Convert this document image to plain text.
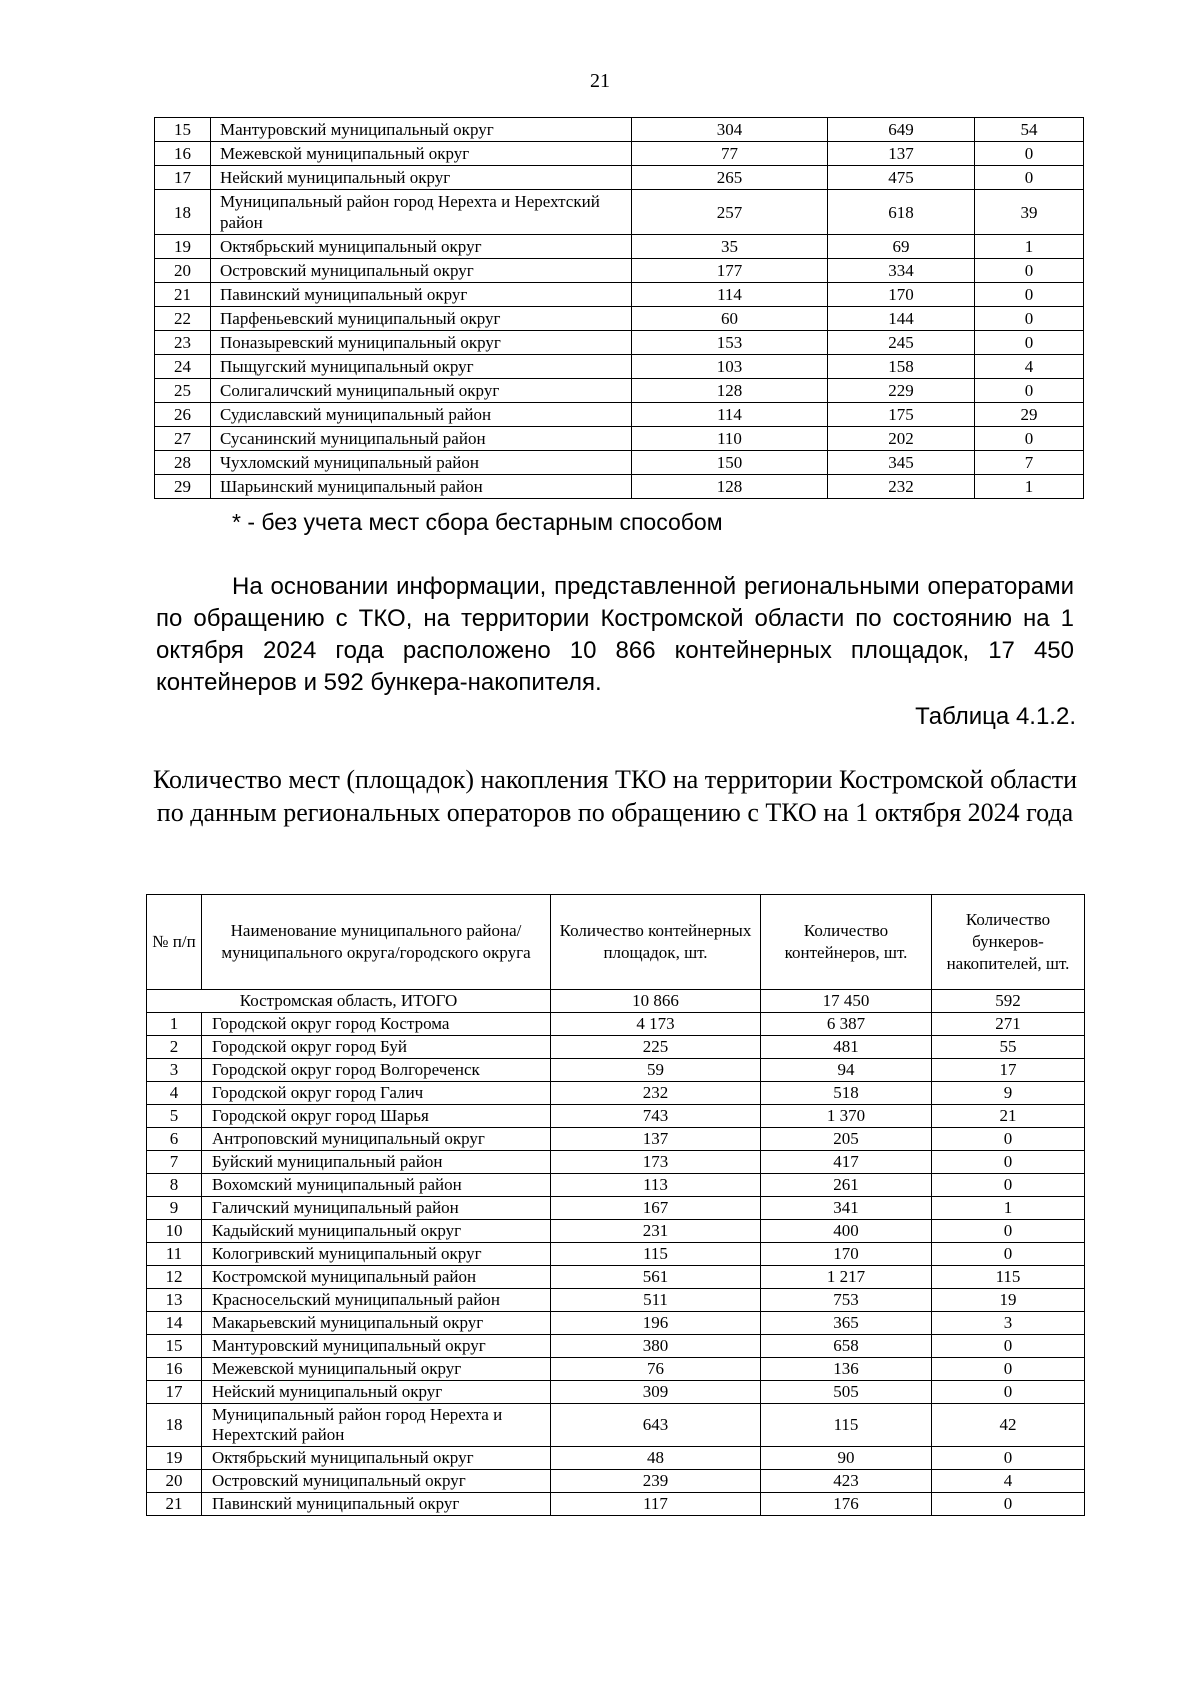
21
15	Мантуровский муниципальный округ	304	649	54
16	Межевской муниципальный округ	77	137	0
17	Нейский муниципальный округ	265	475	0
18	Муниципальный район город Нерехта и Нерехтский район	257	618	39
19	Октябрьский муниципальный округ	35	69	1
20	Островский муниципальный округ	177	334	0
21	Павинский муниципальный округ	114	170	0
22	Парфеньевский муниципальный округ	60	144	0
23	Поназыревский муниципальный округ	153	245	0
24	Пыщугский муниципальный округ	103	158	4
25	Солигаличский муниципальный округ	128	229	0
26	Судиславский муниципальный район	114	175	29
27	Сусанинский муниципальный район	110	202	0
28	Чухломский муниципальный район	150	345	7
29	Шарьинский муниципальный район	128	232	1
* - без учета мест сбора бестарным способом

На основании информации, представленной региональными операторами по обращению с ТКО, на территории Костромской области по состоянию на 1 октября 2024 года расположено 10 866 контейнерных площадок, 17 450 контейнеров и 592 бункера-накопителя.

Таблица 4.1.2.

Количество мест (площадок) накопления ТКО на территории Костромской области по данным региональных операторов по обращению с ТКО на 1 октября 2024 года

№ п/п	Наименование муниципального района/муниципального округа/городского округа	Количество контейнерных площадок, шт.	Количество контейнеров, шт.	Количество бункеров-накопителей, шт.
Костромская область, ИТОГО		10 866	17 450	592
1	Городской округ город Кострома	4 173	6 387	271
2	Городской округ город Буй	225	481	55
3	Городской округ город Волгореченск	59	94	17
4	Городской округ город Галич	232	518	9
5	Городской округ город Шарья	743	1 370	21
6	Антроповский муниципальный округ	137	205	0
7	Буйский муниципальный район	173	417	0
8	Вохомский муниципальный район	113	261	0
9	Галичский муниципальный район	167	341	1
10	Кадыйский муниципальный округ	231	400	0
11	Кологривский муниципальный округ	115	170	0
12	Костромской муниципальный район	561	1 217	115
13	Красносельский муниципальный район	511	753	19
14	Макарьевский муниципальный округ	196	365	3
15	Мантуровский муниципальный округ	380	658	0
16	Межевской муниципальный округ	76	136	0
17	Нейский муниципальный округ	309	505	0
18	Муниципальный район город Нерехта и Нерехтский район	643	115	42
19	Октябрьский муниципальный округ	48	90	0
20	Островский муниципальный округ	239	423	4
21	Павинский муниципальный округ	117	176	0
